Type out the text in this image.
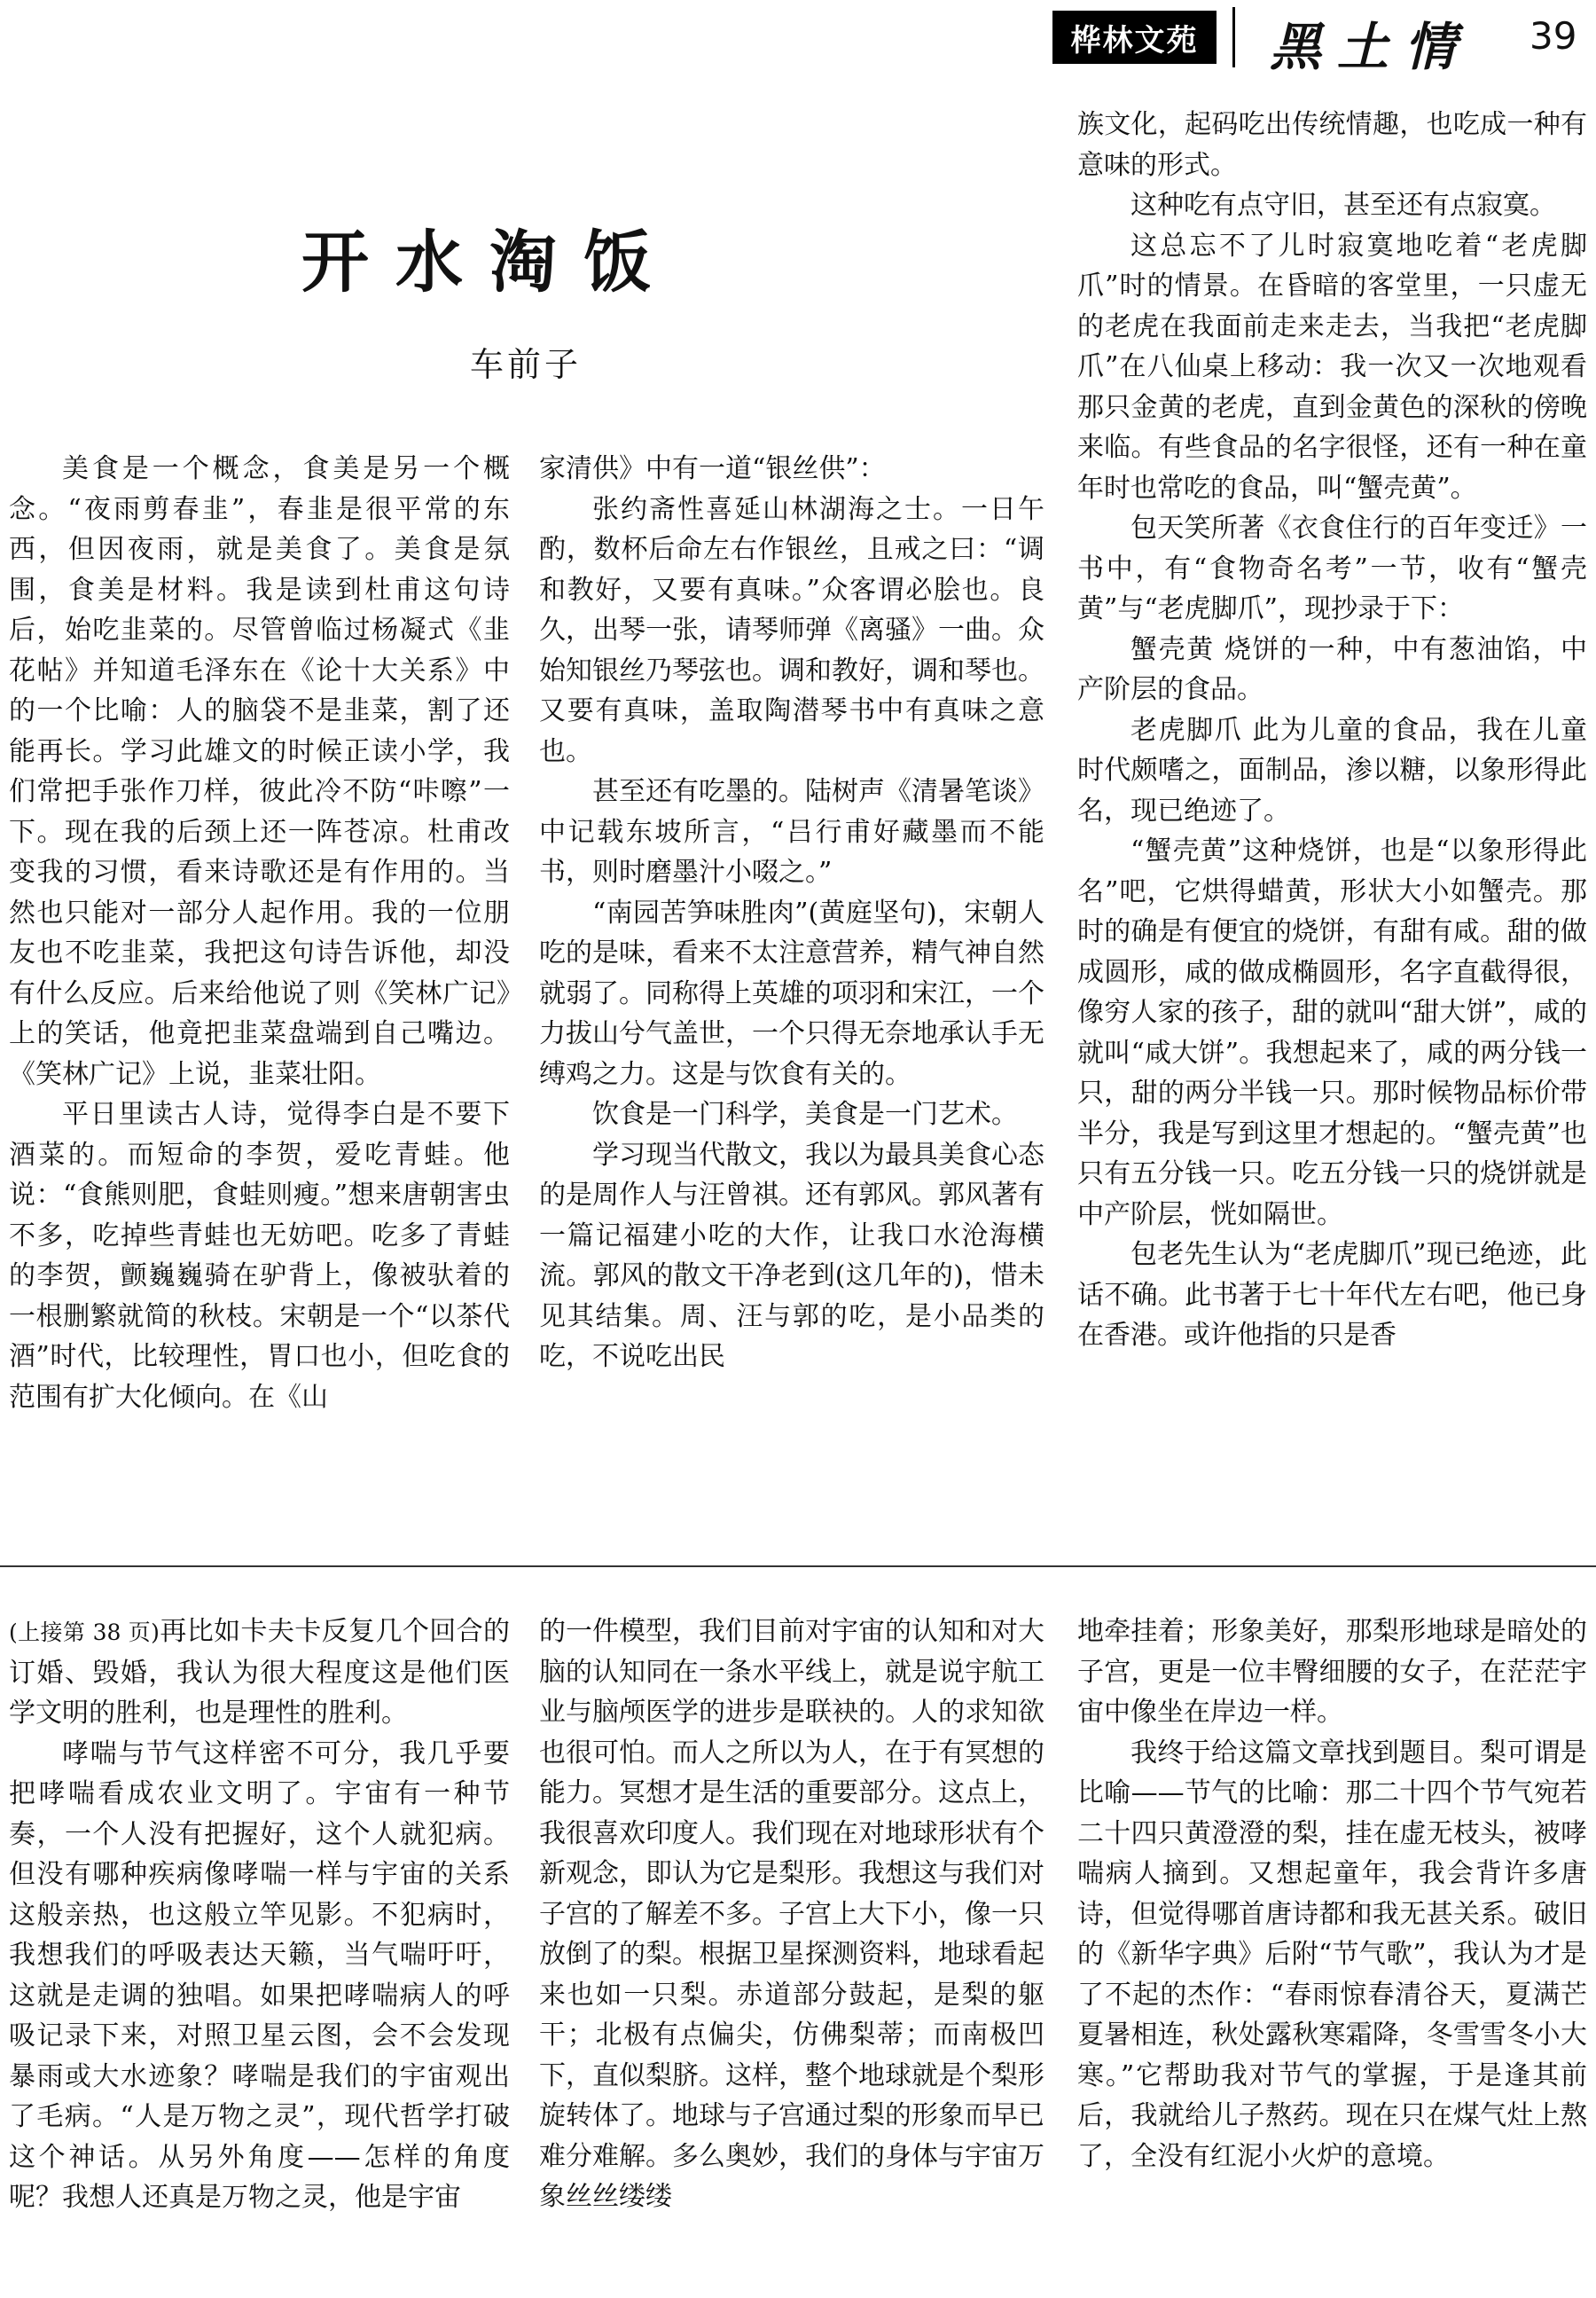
桦林文苑	黑土情 39
开水淘饭
车前子

美食是一个概念，食美是另一个概念。“夜雨剪春韭”，春韭是很平常的东西，但因夜雨，就是美食了。美食是氛围，食美是材料。我是读到杜甫这句诗后，始吃韭菜的。尽管曾临过杨凝式《韭花帖》并知道毛泽东在《论十大关系》中的一个比喻：人的脑袋不是韭菜，割了还能再长。学习此雄文的时候正读小学，我们常把手张作刀样，彼此冷不防“咔嚓”一下。现在我的后颈上还一阵苍凉。杜甫改变我的习惯，看来诗歌还是有作用的。当然也只能对一部分人起作用。我的一位朋友也不吃韭菜，我把这句诗告诉他，却没有什么反应。后来给他说了则《笑林广记》上的笑话，他竟把韭菜盘端到自己嘴边。《笑林广记》上说，韭菜壮阳。

平日里读古人诗，觉得李白是不要下酒菜的。而短命的李贺，爱吃青蛙。他说：“食熊则肥，食蛙则瘦。”想来唐朝害虫不多，吃掉些青蛙也无妨吧。吃多了青蛙的李贺，颤巍巍骑在驴背上，像被驮着的一根删繁就简的秋枝。宋朝是一个“以茶代酒”时代，比较理性，胃口也小，但吃食的范围有扩大化倾向。在《山

家清供》中有一道“银丝供”：

张约斋性喜延山林湖海之士。一日午酌，数杯后命左右作银丝，且戒之曰：“调和教好，又要有真味。”众客谓必脍也。良久，出琴一张，请琴师弹《离骚》一曲。众始知银丝乃琴弦也。调和教好，调和琴也。又要有真味，盖取陶潜琴书中有真味之意也。

甚至还有吃墨的。陆树声《清暑笔谈》中记载东坡所言，“吕行甫好藏墨而不能书，则时磨墨汁小啜之。”

“南园苦笋味胜肉”(黄庭坚句)，宋朝人吃的是味，看来不太注意营养，精气神自然就弱了。同称得上英雄的项羽和宋江，一个力拔山兮气盖世，一个只得无奈地承认手无缚鸡之力。这是与饮食有关的。

饮食是一门科学，美食是一门艺术。

学习现当代散文，我以为最具美食心态的是周作人与汪曾祺。还有郭风。郭风著有一篇记福建小吃的大作，让我口水沧海横流。郭风的散文干净老到(这几年的)，惜未见其结集。周、汪与郭的吃，是小品类的吃，不说吃出民

族文化，起码吃出传统情趣，也吃成一种有意味的形式。

这种吃有点守旧，甚至还有点寂寞。

这总忘不了儿时寂寞地吃着“老虎脚爪”时的情景。在昏暗的客堂里，一只虚无的老虎在我面前走来走去，当我把“老虎脚爪”在八仙桌上移动：我一次又一次地观看那只金黄的老虎，直到金黄色的深秋的傍晚来临。有些食品的名字很怪，还有一种在童年时也常吃的食品，叫“蟹壳黄”。

包天笑所著《衣食住行的百年变迁》一书中，有“食物奇名考”一节，收有“蟹壳黄”与“老虎脚爪”，现抄录于下：

蟹壳黄 烧饼的一种，中有葱油馅，中产阶层的食品。

老虎脚爪 此为儿童的食品，我在儿童时代颇嗜之，面制品，渗以糖，以象形得此名，现已绝迹了。

“蟹壳黄”这种烧饼，也是“以象形得此名”吧，它烘得蜡黄，形状大小如蟹壳。那时的确是有便宜的烧饼，有甜有咸。甜的做成圆形，咸的做成椭圆形，名字直截得很，像穷人家的孩子，甜的就叫“甜大饼”，咸的就叫“咸大饼”。我想起来了，咸的两分钱一只，甜的两分半钱一只。那时候物品标价带半分，我是写到这里才想起的。“蟹壳黄”也只有五分钱一只。吃五分钱一只的烧饼就是中产阶层，恍如隔世。

包老先生认为“老虎脚爪”现已绝迹，此话不确。此书著于七十年代左右吧，他已身在香港。或许他指的只是香

(上接第 38 页)再比如卡夫卡反复几个回合的订婚、毁婚，我认为很大程度这是他们医学文明的胜利，也是理性的胜利。

哮喘与节气这样密不可分，我几乎要把哮喘看成农业文明了。宇宙有一种节奏，一个人没有把握好，这个人就犯病。但没有哪种疾病像哮喘一样与宇宙的关系这般亲热，也这般立竿见影。不犯病时，我想我们的呼吸表达天籁，当气喘吁吁，这就是走调的独唱。如果把哮喘病人的呼吸记录下来，对照卫星云图，会不会发现暴雨或大水迹象？哮喘是我们的宇宙观出了毛病。“人是万物之灵”，现代哲学打破这个神话。从另外角度——怎样的角度呢？我想人还真是万物之灵，他是宇宙

的一件模型，我们目前对宇宙的认知和对大脑的认知同在一条水平线上，就是说宇航工业与脑颅医学的进步是联袂的。人的求知欲也很可怕。而人之所以为人，在于有冥想的能力。冥想才是生活的重要部分。这点上，我很喜欢印度人。我们现在对地球形状有个新观念，即认为它是梨形。我想这与我们对子宫的了解差不多。子宫上大下小，像一只放倒了的梨。根据卫星探测资料，地球看起来也如一只梨。赤道部分鼓起，是梨的躯干；北极有点偏尖，仿佛梨蒂；而南极凹下，直似梨脐。这样，整个地球就是个梨形旋转体了。地球与子宫通过梨的形象而早已难分难解。多么奥妙，我们的身体与宇宙万象丝丝缕缕

地牵挂着；形象美好，那梨形地球是暗处的子宫，更是一位丰臀细腰的女子，在茫茫宇宙中像坐在岸边一样。

我终于给这篇文章找到题目。梨可谓是比喻——节气的比喻：那二十四个节气宛若二十四只黄澄澄的梨，挂在虚无枝头，被哮喘病人摘到。又想起童年，我会背许多唐诗，但觉得哪首唐诗都和我无甚关系。破旧的《新华字典》后附“节气歌”，我认为才是了不起的杰作：“春雨惊春清谷天，夏满芒夏暑相连，秋处露秋寒霜降，冬雪雪冬小大寒。”它帮助我对节气的掌握，于是逢其前后，我就给儿子熬药。现在只在煤气灶上熬了，全没有红泥小火炉的意境。
